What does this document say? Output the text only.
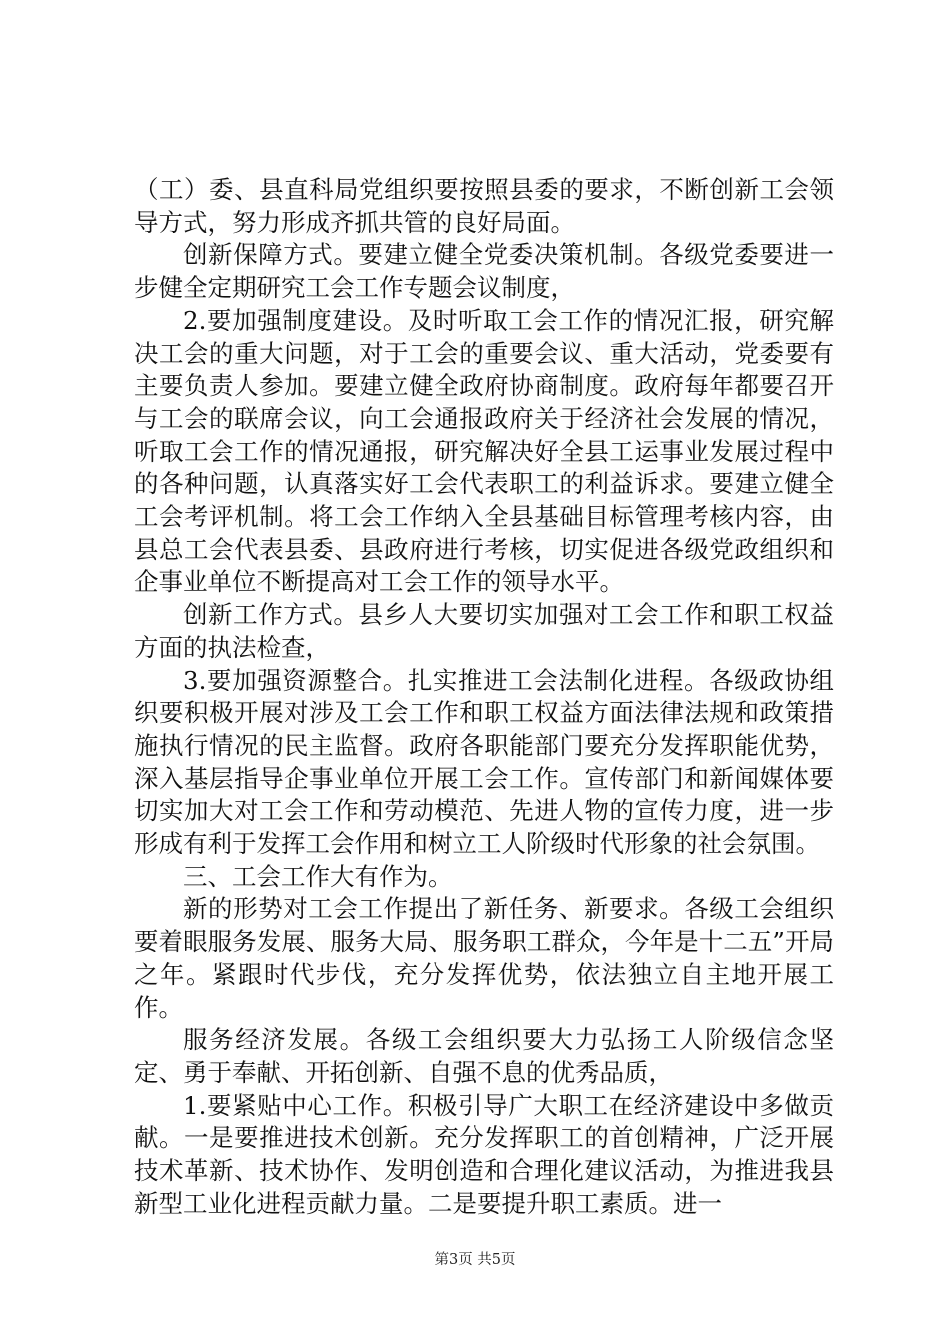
（工）委、县直科局党组织要按照县委的要求，不断创新工会领导方式，努力形成齐抓共管的良好局面。

创新保障方式。要建立健全党委决策机制。各级党委要进一步健全定期研究工会工作专题会议制度，

2.要加强制度建设。及时听取工会工作的情况汇报，研究解决工会的重大问题，对于工会的重要会议、重大活动，党委要有主要负责人参加。要建立健全政府协商制度。政府每年都要召开与工会的联席会议，向工会通报政府关于经济社会发展的情况，听取工会工作的情况通报，研究解决好全县工运事业发展过程中的各种问题，认真落实好工会代表职工的利益诉求。要建立健全工会考评机制。将工会工作纳入全县基础目标管理考核内容，由县总工会代表县委、县政府进行考核，切实促进各级党政组织和企事业单位不断提高对工会工作的领导水平。

创新工作方式。县乡人大要切实加强对工会工作和职工权益方面的执法检查，

3.要加强资源整合。扎实推进工会法制化进程。各级政协组织要积极开展对涉及工会工作和职工权益方面法律法规和政策措施执行情况的民主监督。政府各职能部门要充分发挥职能优势，深入基层指导企事业单位开展工会工作。宣传部门和新闻媒体要切实加大对工会工作和劳动模范、先进人物的宣传力度，进一步形成有利于发挥工会作用和树立工人阶级时代形象的社会氛围。

三、工会工作大有作为。

新的形势对工会工作提出了新任务、新要求。各级工会组织要着眼服务发展、服务大局、服务职工群众，今年是十二五”开局之年。紧跟时代步伐，充分发挥优势，依法独立自主地开展工作。

服务经济发展。各级工会组织要大力弘扬工人阶级信念坚定、勇于奉献、开拓创新、自强不息的优秀品质，

1.要紧贴中心工作。积极引导广大职工在经济建设中多做贡献。一是要推进技术创新。充分发挥职工的首创精神，广泛开展技术革新、技术协作、发明创造和合理化建议活动，为推进我县新型工业化进程贡献力量。二是要提升职工素质。进一

第3页 共5页
